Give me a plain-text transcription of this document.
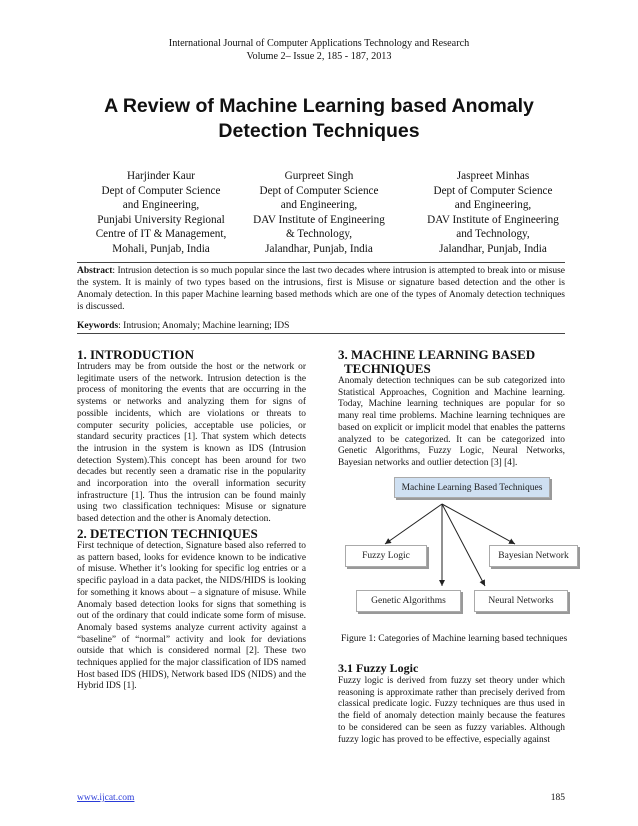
International Journal of Computer Applications Technology and Research
Volume 2– Issue 2, 185 - 187, 2013
A Review of Machine Learning based Anomaly
Detection Techniques
Harjinder Kaur
Dept of Computer Science
and Engineering,
Punjabi University Regional
Centre of IT & Management,
Mohali, Punjab, India
Gurpreet Singh
Dept of Computer Science
and Engineering,
DAV Institute of Engineering
& Technology,
Jalandhar, Punjab, India
Jaspreet Minhas
Dept of Computer Science
and Engineering,
DAV Institute of Engineering
and Technology,
Jalandhar, Punjab, India
Abstract: Intrusion detection is so much popular since the last two decades where intrusion is attempted to break into or misuse the system. It is mainly of two types based on the intrusions, first is Misuse or signature based detection and the other is Anomaly detection. In this paper Machine learning based methods which are one of the types of Anomaly detection techniques is discussed.
Keywords: Intrusion; Anomaly; Machine learning; IDS
1. INTRODUCTION
Intruders may be from outside the host or the network or legitimate users of the network. Intrusion detection is the process of monitoring the events that are occurring in the systems or networks and analyzing them for signs of possible incidents, which are violations or threats to computer security policies, acceptable use policies, or standard security practices [1]. That system which detects the intrusion in the system is known as IDS (Intrusion detection System).This concept has been around for two decades but recently seen a dramatic rise in the popularity and incorporation into the overall information security infrastructure [1]. Thus the intrusion can be found mainly using two classification techniques: Misuse or signature based detection and the other is Anomaly detection.
2. DETECTION TECHNIQUES
First technique of detection, Signature based also referred to as pattern based, looks for evidence known to be indicative of misuse. Whether it’s looking for specific log entries or a specific payload in a data packet, the NIDS/HIDS is looking for something it knows about – a signature of misuse. While Anomaly based detection looks for signs that something is out of the ordinary that could indicate some form of misuse. Anomaly based systems analyze current activity against a “baseline” of “normal” activity and look for deviations outside that which is considered normal [2]. These two techniques applied for the major classification of IDS named Host based IDS (HIDS), Network based IDS (NIDS) and the Hybrid IDS [1].
3. MACHINE LEARNING BASED
TECHNIQUES
Anomaly detection techniques can be sub categorized into Statistical Approaches, Cognition and Machine learning. Today, Machine learning techniques are popular for so many real time problems. Machine learning techniques are based on explicit or implicit model that enables the patterns analyzed to be categorized. It can be categorized into Genetic Algorithms, Fuzzy Logic, Neural Networks, Bayesian networks and outlier detection [3] [4].
Machine Learning Based Techniques
Fuzzy Logic	Bayesian Network
Genetic Algorithms	Neural Networks
Figure 1: Categories of Machine learning based techniques
3.1 Fuzzy Logic
Fuzzy logic is derived from fuzzy set theory under which reasoning is approximate rather than precisely derived from classical predicate logic. Fuzzy techniques are thus used in the field of anomaly detection mainly because the features to be considered can be seen as fuzzy variables. Although fuzzy logic has proved to be effective, especially against
www.ijcat.com	185
